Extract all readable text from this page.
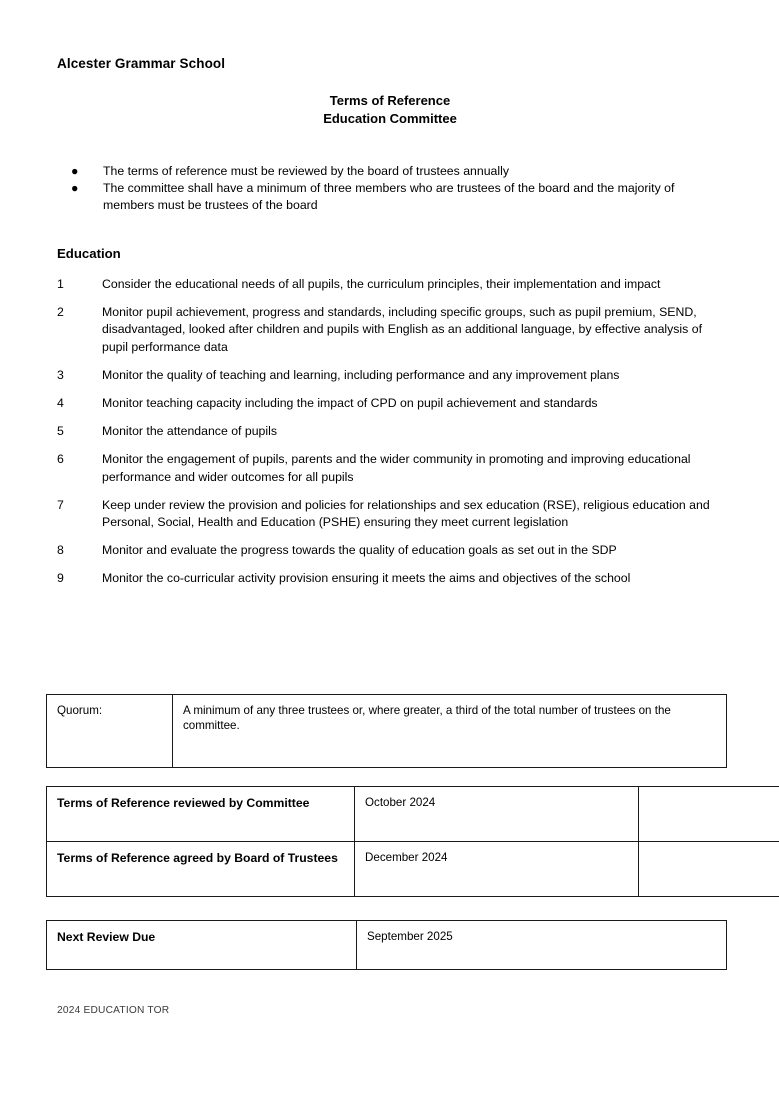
Alcester Grammar School
Terms of Reference
Education Committee
● The terms of reference must be reviewed by the board of trustees annually
● The committee shall have a minimum of three members who are trustees of the board and the majority of members must be trustees of the board
Education
1	Consider the educational needs of all pupils, the curriculum principles, their implementation and impact
2	Monitor pupil achievement, progress and standards, including specific groups, such as pupil premium, SEND, disadvantaged, looked after children and pupils with English as an additional language, by effective analysis of pupil performance data
3	Monitor the quality of teaching and learning, including performance and any improvement plans
4	Monitor teaching capacity including the impact of CPD on pupil achievement and standards
5	Monitor the attendance of pupils
6	Monitor the engagement of pupils, parents and the wider community in promoting and improving educational performance and wider outcomes for all pupils
7	Keep under review the provision and policies for relationships and sex education (RSE), religious education and Personal, Social, Health and Education (PSHE) ensuring they meet current legislation
8	Monitor and evaluate the progress towards the quality of education goals as set out in the SDP
9	Monitor the co-curricular activity provision ensuring it meets the aims and objectives of the school
Quorum:	A minimum of any three trustees or, where greater, a third of the total number of trustees on the committee.
Terms of Reference reviewed by Committee	October 2024	
Terms of Reference agreed by Board of Trustees	December 2024	
Next Review Due	September 2025
2024 EDUCATION TOR
